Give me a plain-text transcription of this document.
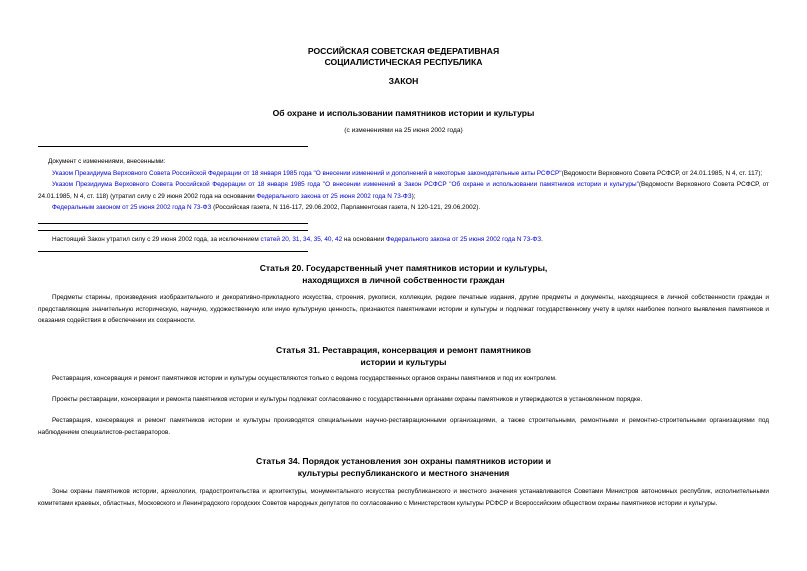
РОССИЙСКАЯ СОВЕТСКАЯ ФЕДЕРАТИВНАЯ
СОЦИАЛИСТИЧЕСКАЯ РЕСПУБЛИКА
ЗАКОН
Об охране и использовании памятников истории и культуры
(с изменениями на 25 июня 2002 года)
Документ с изменениями, внесенными:
Указом Президиума Верховного Совета Российской Федерации от 18 января 1985 года "О внесении изменений и дополнений в некоторые законодательные акты РСФСР"(Ведомости Верховного Совета РСФСР, от 24.01.1985, N 4, ст. 117);
Указом Президиума Верховного Совета Российской Федерации от 18 января 1985 года "О внесении изменений в Закон РСФСР "Об охране и использовании памятников истории и культуры"(Ведомости Верховного Совета РСФСР, от 24.01.1985, N 4, ст. 118) (утратил силу с 29 июня 2002 года на основании Федерального закона от 25 июня 2002 года N 73-ФЗ);
Федеральным законом от 25 июня 2002 года N 73-ФЗ (Российская газета, N 116-117, 29.06.2002, Парламентская газета, N 120-121, 29.06.2002).
Настоящий Закон утратил силу с 29 июня 2002 года, за исключением статей 20, 31, 34, 35, 40, 42 на основании Федерального закона от 25 июня 2002 года N 73-ФЗ.
Статья 20. Государственный учет памятников истории и культуры,
находящихся в личной собственности граждан
Предметы старины, произведения изобразительного и декоративно-прикладного искусства, строения, рукописи, коллекции, редкие печатные издания, другие предметы и документы, находящиеся в личной собственности граждан и представляющие значительную историческую, научную, художественную или иную культурную ценность, признаются памятниками истории и культуры и подлежат государственному учету в целях наиболее полного выявления памятников и оказания содействия в обеспечении их сохранности.
Статья 31. Реставрация, консервация и ремонт памятников
истории и культуры
Реставрация, консервация и ремонт памятников истории и культуры осуществляются только с ведома государственных органов охраны памятников и под их контролем.
Проекты реставрации, консервации и ремонта памятников истории и культуры подлежат согласованию с государственными органами охраны памятников и утверждаются в установленном порядке.
Реставрация, консервация и ремонт памятников истории и культуры производятся специальными научно-реставрационными организациями, а также строительными, ремонтными и ремонтно-строительными организациями под наблюдением специалистов-реставраторов.
Статья 34. Порядок установления зон охраны памятников истории и
культуры республиканского и местного значения
Зоны охраны памятников истории, археологии, градостроительства и архитектуры, монументального искусства республиканского и местного значения устанавливаются Советами Министров автономных республик, исполнительными комитетами краевых, областных, Московского и Ленинградского городских Советов народных депутатов по согласованию с Министерством культуры РСФСР и Всероссийским обществом охраны памятников истории и культуры.
